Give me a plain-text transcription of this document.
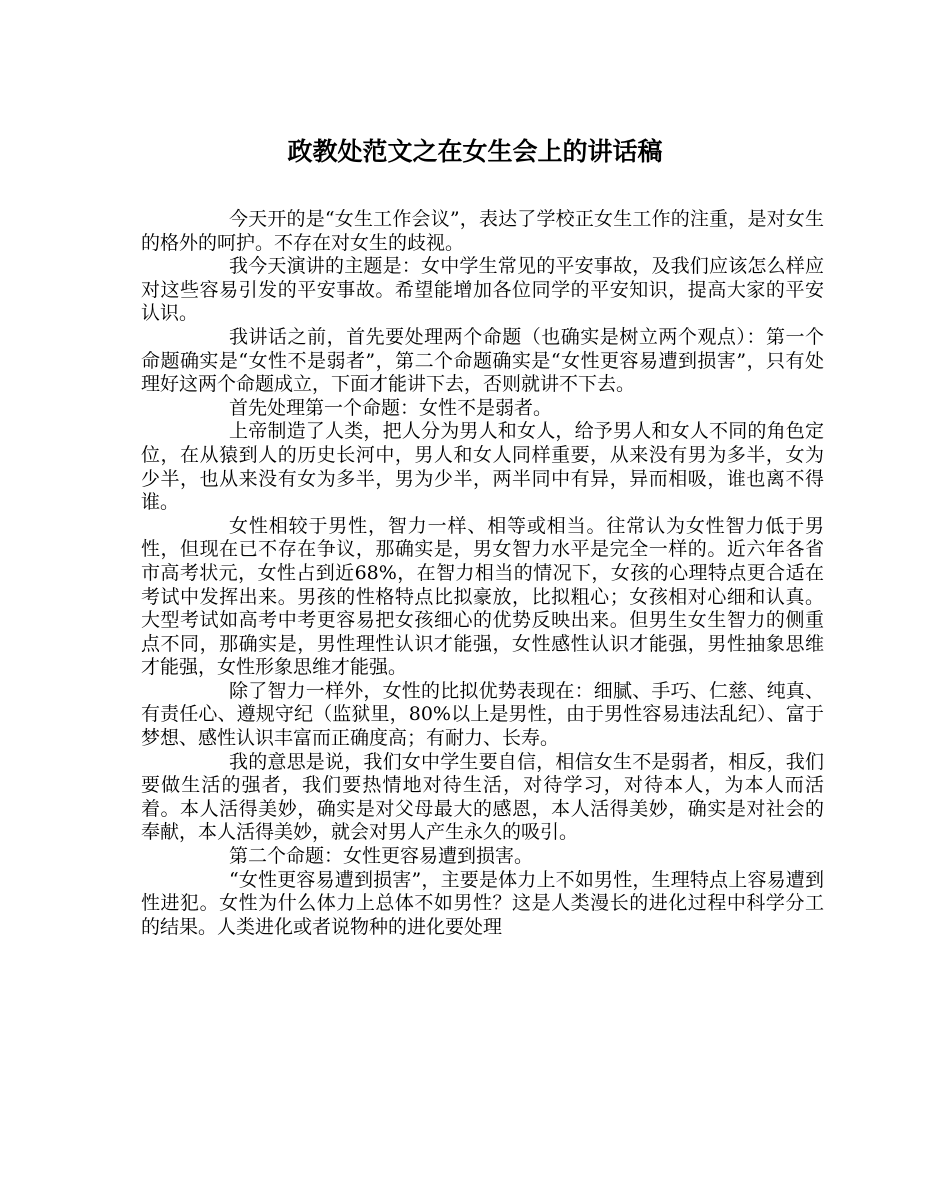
政教处范文之在女生会上的讲话稿

今天开的是“女生工作会议”，表达了学校正女生工作的注重，是对女生的格外的呵护。不存在对女生的歧视。

我今天演讲的主题是：女中学生常见的平安事故，及我们应该怎么样应对这些容易引发的平安事故。希望能增加各位同学的平安知识，提高大家的平安认识。

我讲话之前，首先要处理两个命题（也确实是树立两个观点）：第一个命题确实是“女性不是弱者”，第二个命题确实是“女性更容易遭到损害”，只有处理好这两个命题成立，下面才能讲下去，否则就讲不下去。

首先处理第一个命题：女性不是弱者。

上帝制造了人类，把人分为男人和女人，给予男人和女人不同的角色定位，在从猿到人的历史长河中，男人和女人同样重要，从来没有男为多半，女为少半，也从来没有女为多半，男为少半，两半同中有异，异而相吸，谁也离不得谁。

女性相较于男性，智力一样、相等或相当。往常认为女性智力低于男性，但现在已不存在争议，那确实是，男女智力水平是完全一样的。近六年各省市高考状元，女性占到近68%，在智力相当的情况下，女孩的心理特点更合适在考试中发挥出来。男孩的性格特点比拟豪放，比拟粗心；女孩相对心细和认真。大型考试如高考中考更容易把女孩细心的优势反映出来。但男生女生智力的侧重点不同，那确实是，男性理性认识才能强，女性感性认识才能强，男性抽象思维才能强，女性形象思维才能强。

除了智力一样外，女性的比拟优势表现在：细腻、手巧、仁慈、纯真、有责任心、遵规守纪（监狱里，80%以上是男性，由于男性容易违法乱纪）、富于梦想、感性认识丰富而正确度高；有耐力、长寿。

我的意思是说，我们女中学生要自信，相信女生不是弱者，相反，我们要做生活的强者，我们要热情地对待生活，对待学习，对待本人，为本人而活着。本人活得美妙，确实是对父母最大的感恩，本人活得美妙，确实是对社会的奉献，本人活得美妙，就会对男人产生永久的吸引。

第二个命题：女性更容易遭到损害。

“女性更容易遭到损害”，主要是体力上不如男性，生理特点上容易遭到性进犯。女性为什么体力上总体不如男性？这是人类漫长的进化过程中科学分工的结果。人类进化或者说物种的进化要处理
